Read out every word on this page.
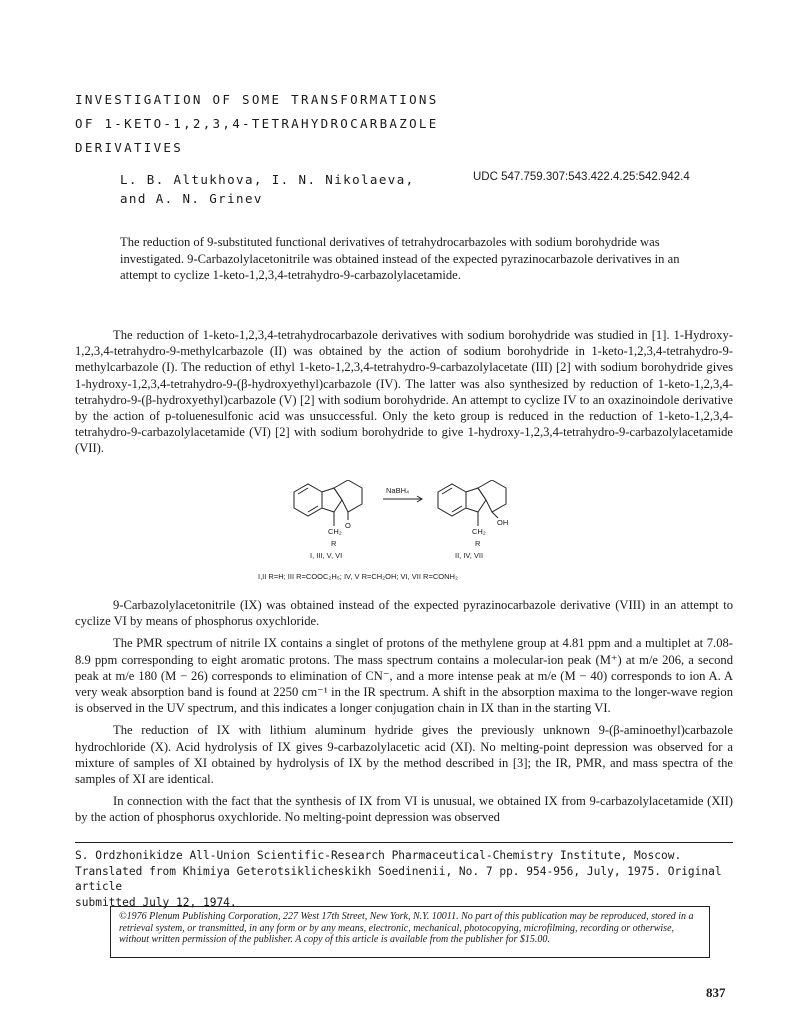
INVESTIGATION OF SOME TRANSFORMATIONS
OF 1-KETO-1,2,3,4-TETRAHYDROCARBAZOLE
DERIVATIVES
L. B. Altukhova, I. N. Nikolaeva,
and A. N. Grinev
UDC 547.759.307:543.422.4.25:542.942.4
The reduction of 9-substituted functional derivatives of tetrahydrocarbazoles with sodium borohydride was investigated. 9-Carbazolylacetonitrile was obtained instead of the expected pyrazinocarbazole derivatives in an attempt to cyclize 1-keto-1,2,3,4-tetrahydro-9-carbazolylacetamide.

The reduction of 1-keto-1,2,3,4-tetrahydrocarbazole derivatives with sodium borohydride was studied in [1]. 1-Hydroxy-1,2,3,4-tetrahydro-9-methylcarbazole (II) was obtained by the action of sodium borohydride in 1-keto-1,2,3,4-tetrahydro-9-methylcarbazole (I). The reduction of ethyl 1-keto-1,2,3,4-tetrahydro-9-carbazolylacetate (III) [2] with sodium borohydride gives 1-hydroxy-1,2,3,4-tetrahydro-9-(β-hydroxyethyl)carbazole (IV). The latter was also synthesized by reduction of 1-keto-1,2,3,4-tetrahydro-9-(β-hydroxyethyl)carbazole (V) [2] with sodium borohydride. An attempt to cyclize IV to an oxazinoindole derivative by the action of p-toluenesulfonic acid was unsuccessful. Only the keto group is reduced in the reduction of 1-keto-1,2,3,4-tetrahydro-9-carbazolylacetamide (VI) [2] with sodium borohydride to give 1-hydroxy-1,2,3,4-tetrahydro-9-carbazolylacetamide (VII).

NaBH₄
CH₂
O
R
CH₂
OH
R
I, III, V, VI	II, IV, VII
I,II R=H; III R=COOC₂H₅; IV, V R=CH₂OH; VI, VII R=CONH₂

9-Carbazolylacetonitrile (IX) was obtained instead of the expected pyrazinocarbazole derivative (VIII) in an attempt to cyclize VI by means of phosphorus oxychloride.

The PMR spectrum of nitrile IX contains a singlet of protons of the methylene group at 4.81 ppm and a multiplet at 7.08-8.9 ppm corresponding to eight aromatic protons. The mass spectrum contains a molecular-ion peak (M⁺) at m/e 206, a second peak at m/e 180 (M − 26) corresponds to elimination of CN⁻, and a more intense peak at m/e (M − 40) corresponds to ion A. A very weak absorption band is found at 2250 cm⁻¹ in the IR spectrum. A shift in the absorption maxima to the longer-wave region is observed in the UV spectrum, and this indicates a longer conjugation chain in IX than in the starting VI.

The reduction of IX with lithium aluminum hydride gives the previously unknown 9-(β-aminoethyl)carbazole hydrochloride (X). Acid hydrolysis of IX gives 9-carbazolylacetic acid (XI). No melting-point depression was observed for a mixture of samples of XI obtained by hydrolysis of IX by the method described in [3]; the IR, PMR, and mass spectra of the samples of XI are identical.

In connection with the fact that the synthesis of IX from VI is unusual, we obtained IX from 9-carbazolylacetamide (XII) by the action of phosphorus oxychloride. No melting-point depression was observed

S. Ordzhonikidze All-Union Scientific-Research Pharmaceutical-Chemistry Institute, Moscow.
Translated from Khimiya Geterotsiklicheskikh Soedinenii, No. 7 pp. 954-956, July, 1975. Original article
submitted July 12, 1974.
©1976 Plenum Publishing Corporation, 227 West 17th Street, New York, N.Y. 10011. No part of this publication may be reproduced, stored in a retrieval system, or transmitted, in any form or by any means, electronic, mechanical, photocopying, microfilming, recording or otherwise, without written permission of the publisher. A copy of this article is available from the publisher for $15.00.
837
